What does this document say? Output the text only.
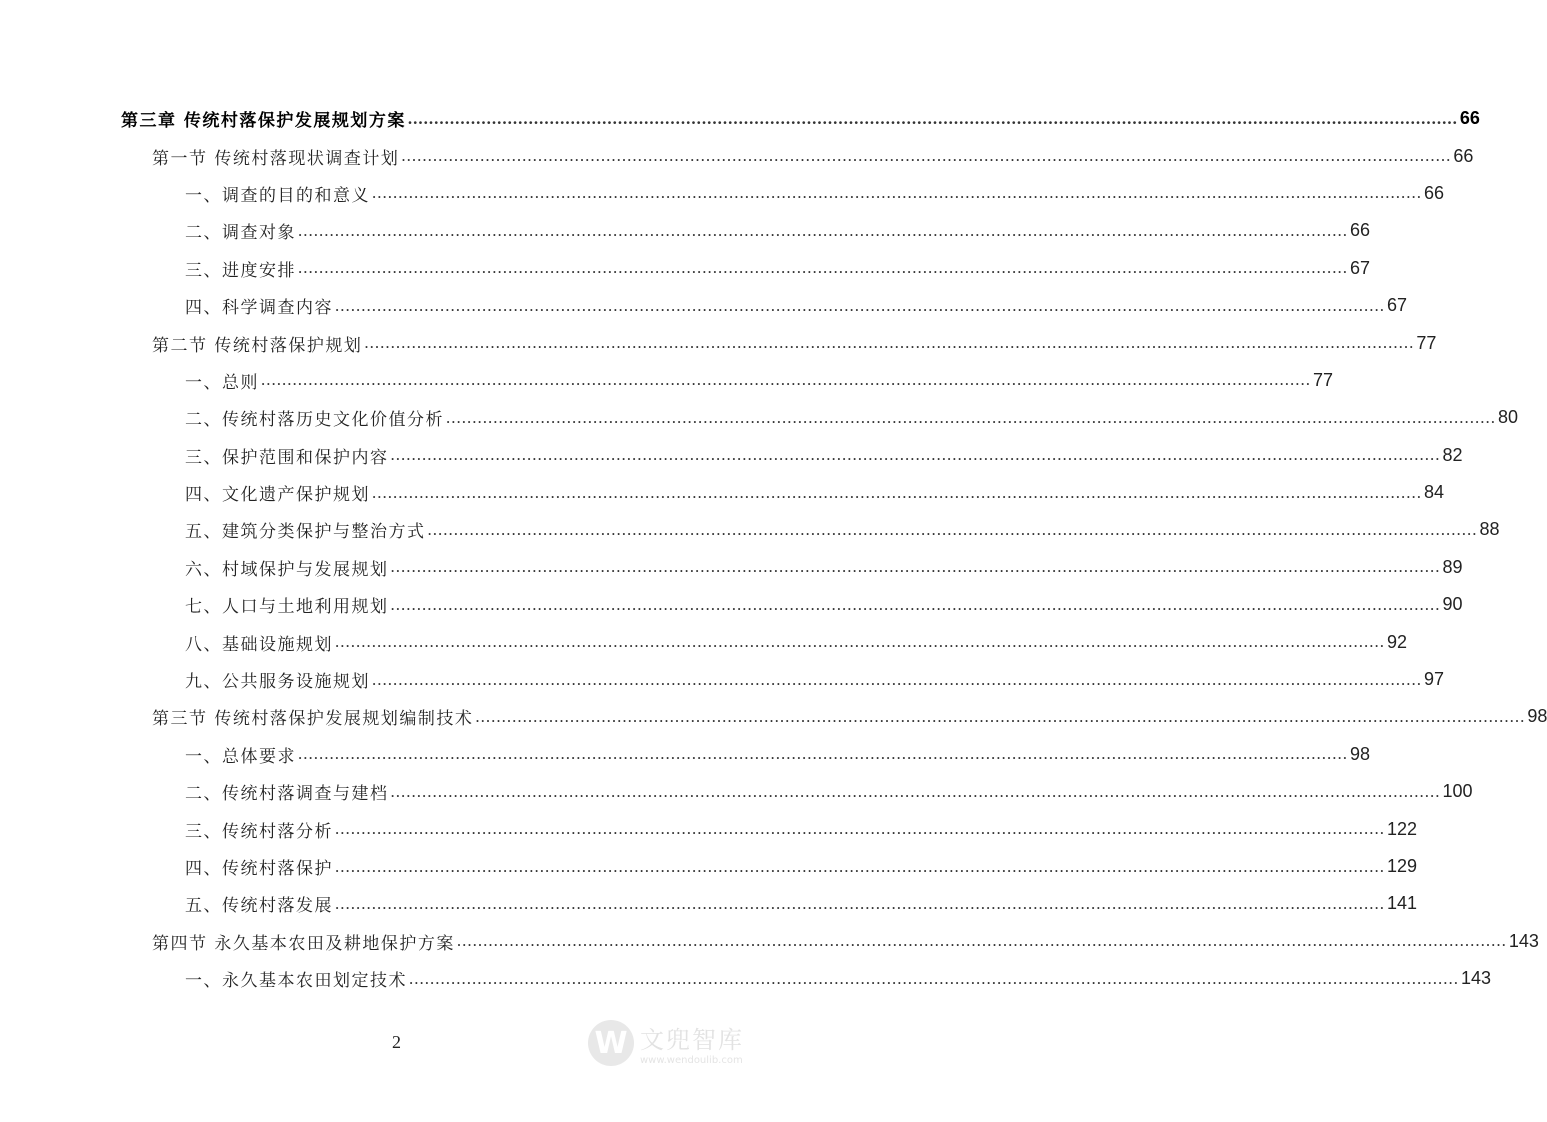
第三章 传统村落保护发展规划方案 ........................................................................................................................................................................................................ 66
第一节 传统村落现状调查计划 ........................................................................................................................................................................................................ 66
一、调查的目的和意义 ........................................................................................................................................................................................................ 66
二、调查对象 ........................................................................................................................................................................................................ 66
三、进度安排 ........................................................................................................................................................................................................ 67
四、科学调查内容 ........................................................................................................................................................................................................ 67
第二节 传统村落保护规划 ........................................................................................................................................................................................................ 77
一、总则 ........................................................................................................................................................................................................ 77
二、传统村落历史文化价值分析 ........................................................................................................................................................................................................ 80
三、保护范围和保护内容 ........................................................................................................................................................................................................ 82
四、文化遗产保护规划 ........................................................................................................................................................................................................ 84
五、建筑分类保护与整治方式 ........................................................................................................................................................................................................ 88
六、村域保护与发展规划 ........................................................................................................................................................................................................ 89
七、人口与土地利用规划 ........................................................................................................................................................................................................ 90
八、基础设施规划 ........................................................................................................................................................................................................ 92
九、公共服务设施规划 ........................................................................................................................................................................................................ 97
第三节 传统村落保护发展规划编制技术 ........................................................................................................................................................................................................ 98
一、总体要求 ........................................................................................................................................................................................................ 98
二、传统村落调查与建档 ........................................................................................................................................................................................................ 100
三、传统村落分析 ........................................................................................................................................................................................................ 122
四、传统村落保护 ........................................................................................................................................................................................................ 129
五、传统村落发展 ........................................................................................................................................................................................................ 141
第四节 永久基本农田及耕地保护方案 ........................................................................................................................................................................................................ 143
一、永久基本农田划定技术 ........................................................................................................................................................................................................ 143
2	W 文兜智库
www.wendoulib.com
